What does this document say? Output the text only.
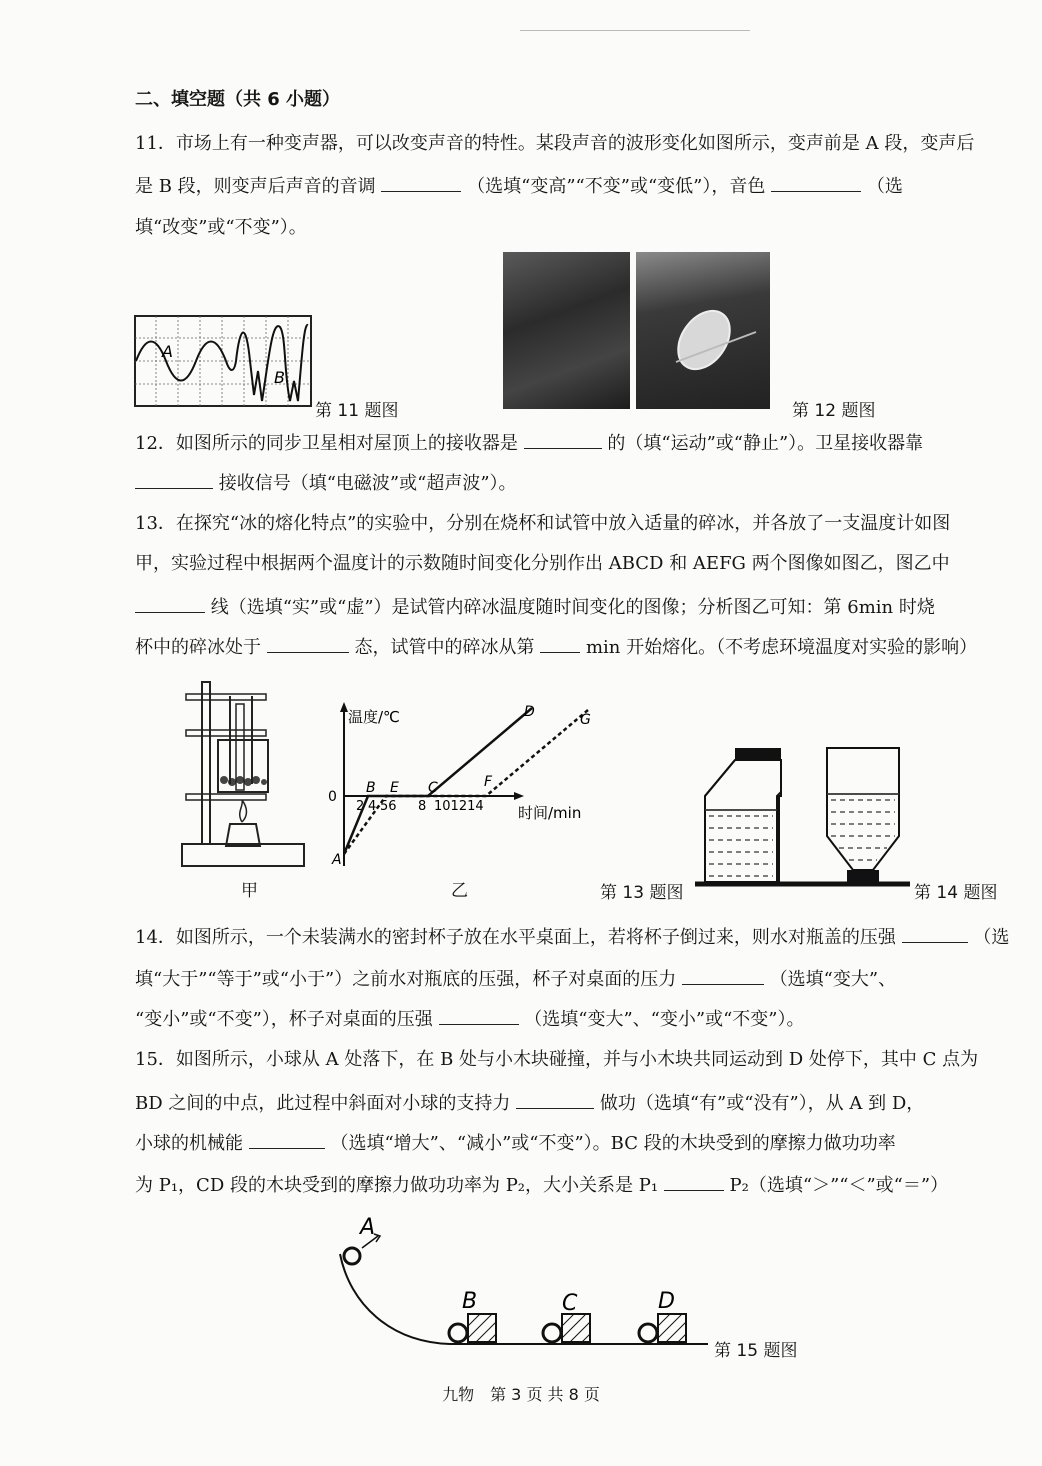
二、填空题（共 6 小题）
11．市场上有一种变声器，可以改变声音的特性。某段声音的波形变化如图所示，变声前是 A 段，变声后
是 B 段，则变声后声音的音调	（选填“变高”“不变”或“变低”），音色	（选
填“改变”或“不变”）。
A
B
第 11 题图	第 12 题图
12．如图所示的同步卫星相对屋顶上的接收器是	的（填“运动”或“静止”）。卫星接收器靠
接收信号（填“电磁波”或“超声波”）。
13．在探究“冰的熔化特点”的实验中，分别在烧杯和试管中放入适量的碎冰，并各放了一支温度计如图
甲，实验过程中根据两个温度计的示数随时间变化分别作出 ABCD 和 AEFG 两个图像如图乙，图乙中
线（选填“实”或“虚”）是试管内碎冰温度随时间变化的图像；分析图乙可知：第 6min 时烧
杯中的碎冰处于	态，试管中的碎冰从第	min 开始熔化。（不考虑环境温度对实验的影响）
甲
温度/℃
时间/min
0
2 4 56 8 101214
A
B E C	F
D	G
乙	第 13 题图	第 14 题图
14．如图所示，一个未装满水的密封杯子放在水平桌面上，若将杯子倒过来，则水对瓶盖的压强	（选
填“大于”“等于”或“小于”）之前水对瓶底的压强，杯子对桌面的压力	（选填“变大”、
“变小”或“不变”），杯子对桌面的压强	（选填“变大”、“变小”或“不变”）。
15．如图所示，小球从 A 处落下，在 B 处与小木块碰撞，并与小木块共同运动到 D 处停下，其中 C 点为
BD 之间的中点，此过程中斜面对小球的支持力	做功（选填“有”或“没有”），从 A 到 D，
小球的机械能	（选填“增大”、“减小”或“不变”）。BC 段的木块受到的摩擦力做功功率
为 P₁，CD 段的木块受到的摩擦力做功功率为 P₂，大小关系是 P₁	P₂（选填“＞”“＜”或“＝”）
A
B	C	D
第 15 题图
九物　第 3 页 共 8 页
